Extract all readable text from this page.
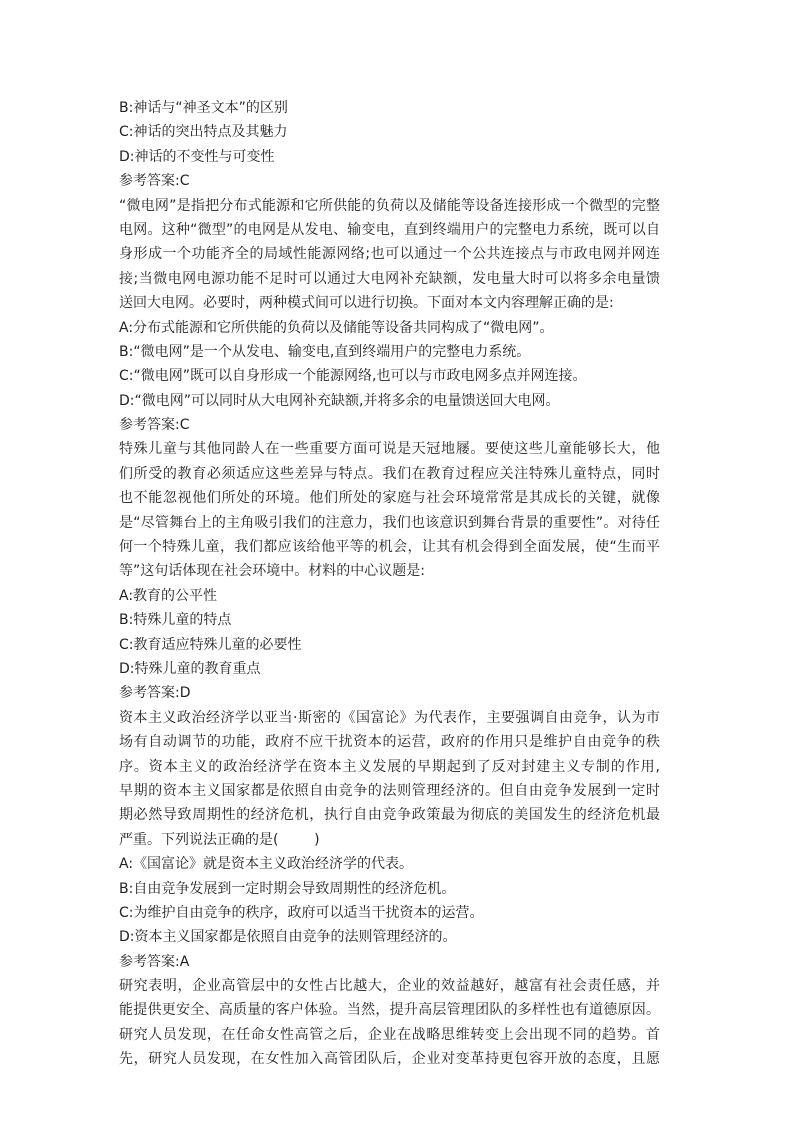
B:神话与“神圣文本”的区别
C:神话的突出特点及其魅力
D:神话的不变性与可变性
参考答案:C
“微电网”是指把分布式能源和它所供能的负荷以及储能等设备连接形成一个微型的完整
电网。这种“微型”的电网是从发电、输变电，直到终端用户的完整电力系统，既可以自
身形成一个功能齐全的局域性能源网络;也可以通过一个公共连接点与市政电网并网连
接;当微电网电源功能不足时可以通过大电网补充缺额，发电量大时可以将多余电量馈
送回大电网。必要时，两种模式间可以进行切换。下面对本文内容理解正确的是:
A:分布式能源和它所供能的负荷以及储能等设备共同构成了“微电网”。
B:“微电网”是一个从发电、输变电,直到终端用户的完整电力系统。
C:“微电网”既可以自身形成一个能源网络,也可以与市政电网多点并网连接。
D:“微电网”可以同时从大电网补充缺额,并将多余的电量馈送回大电网。
参考答案:C
特殊儿童与其他同龄人在一些重要方面可说是天冠地屦。要使这些儿童能够长大，他
们所受的教育必须适应这些差异与特点。我们在教育过程应关注特殊儿童特点，同时
也不能忽视他们所处的环境。他们所处的家庭与社会环境常常是其成长的关键，就像
是“尽管舞台上的主角吸引我们的注意力，我们也该意识到舞台背景的重要性”。对待任
何一个特殊儿童，我们都应该给他平等的机会，让其有机会得到全面发展，使“生而平
等”这句话体现在社会环境中。材料的中心议题是:
A:教育的公平性
B:特殊儿童的特点
C:教育适应特殊儿童的必要性
D:特殊儿童的教育重点
参考答案:D
资本主义政治经济学以亚当·斯密的《国富论》为代表作，主要强调自由竞争，认为市
场有自动调节的功能，政府不应干扰资本的运营，政府的作用只是维护自由竞争的秩
序。资本主义的政治经济学在资本主义发展的早期起到了反对封建主义专制的作用,
早期的资本主义国家都是依照自由竞争的法则管理经济的。但自由竞争发展到一定时
期必然导致周期性的经济危机，执行自由竞争政策最为彻底的美国发生的经济危机最
严重。下列说法正确的是(        )
A:《国富论》就是资本主义政治经济学的代表。
B:自由竞争发展到一定时期会导致周期性的经济危机。
C:为维护自由竞争的秩序，政府可以适当干扰资本的运营。
D:资本主义国家都是依照自由竞争的法则管理经济的。
参考答案:A
研究表明，企业高管层中的女性占比越大，企业的效益越好，越富有社会责任感，并
能提供更安全、高质量的客户体验。当然，提升高层管理团队的多样性也有道德原因。
研究人员发现，在任命女性高管之后，企业在战略思维转变上会出现不同的趋势。首
先，研究人员发现，在女性加入高管团队后，企业对变革持更包容开放的态度，且愿
